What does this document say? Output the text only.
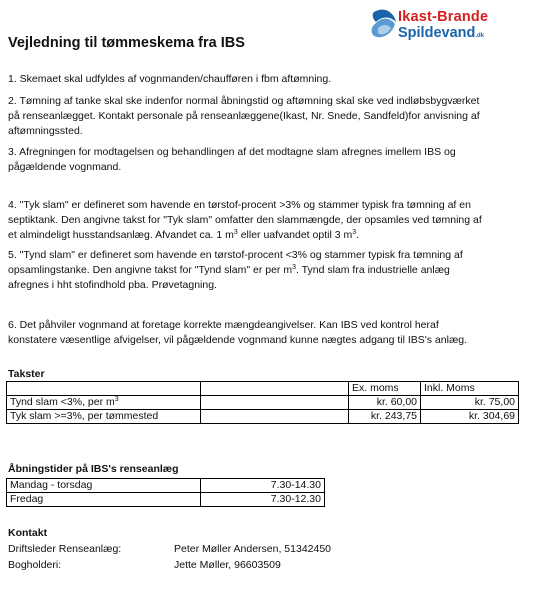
Ikast-Brande
Spildevand.dk
Vejledning til tømmeskema fra IBS
1. Skemaet skal udfyldes af vognmanden/chaufføren i fbm aftømning.
2. Tømning af tanke skal ske indenfor normal åbningstid og aftømning skal ske ved indløbsbygværket
på renseanlægget. Kontakt personale på renseanlæggene(Ikast, Nr. Snede, Sandfeld)for anvisning af
aftømningssted.
3. Afregningen for modtagelsen og behandlingen af det modtagne slam afregnes imellem IBS og
pågældende vognmand.
4. "Tyk slam" er defineret som havende en tørstof-procent >3% og stammer typisk fra tømning af en
septiktank. Den angivne takst for "Tyk slam" omfatter den slammængde, der opsamles ved tømning af
et almindeligt husstandsanlæg. Afvandet ca. 1 $m^3$ eller uafvandet optil 3 $m^3$.
5. "Tynd slam" er defineret som havende en tørstof-procent <3% og stammer typisk fra tømning af
opsamlingstanke. Den angivne takst for "Tynd slam" er per $m^3$. Tynd slam fra industrielle anlæg
afregnes i hht stofindhold pba. Prøvetagning.
6. Det påhviler vognmand at foretage korrekte mængdeangivelser. Kan IBS ved kontrol heraf
konstatere væsentlige afvigelser, vil pågældende vognmand kunne nægtes adgang til IBS's anlæg.
Takster
		Ex. moms	Inkl. Moms
Tynd slam <3%, per $m^3$		kr. 60,00	kr. 75,00
Tyk slam >=3%, per tømmested		kr. 243,75	kr. 304,69
Åbningstider på IBS's renseanlæg
Mandag - torsdag	7.30-14.30
Fredag	7.30-12.30
Kontakt
Driftsleder Renseanlæg:	Peter Møller Andersen, 51342450
Bogholderi:	Jette Møller, 96603509
